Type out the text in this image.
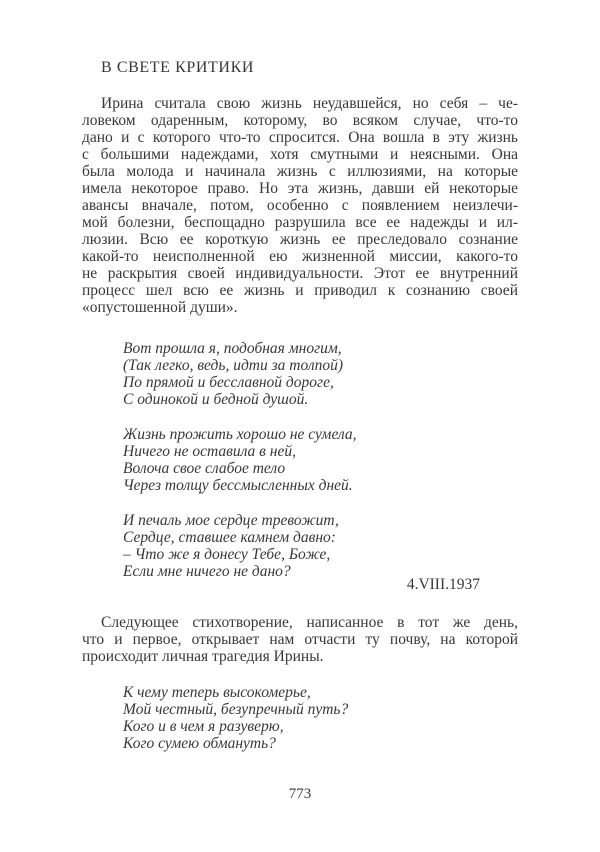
В СВЕТЕ КРИТИКИ
Ирина считала свою жизнь неудавшейся, но себя – че-
ловеком одаренным, которому, во всяком случае, что-то
дано и с которого что-то спросится. Она вошла в эту жизнь
с большими надеждами, хотя смутными и неясными. Она
была молода и начинала жизнь с иллюзиями, на которые
имела некоторое право. Но эта жизнь, давши ей некоторые
авансы вначале, потом, особенно с появлением неизлечи-
мой болезни, беспощадно разрушила все ее надежды и ил-
люзии. Всю ее короткую жизнь ее преследовало сознание
какой-то неисполненной ею жизненной миссии, какого-то
не раскрытия своей индивидуальности. Этот ее внутренний
процесс шел всю ее жизнь и приводил к сознанию своей
«опустошенной души».
Вот прошла я, подобная многим,
(Так легко, ведь, идти за толпой)
По прямой и бесславной дороге,
С одинокой и бедной душой.
Жизнь прожить хорошо не сумела,
Ничего не оставила в ней,
Волоча свое слабое тело
Через толщу бессмысленных дней.
И печаль мое сердце тревожит,
Сердце, ставшее камнем давно:
– Что же я донесу Тебе, Боже,
Если мне ничего не дано?
4.VIII.1937
Следующее стихотворение, написанное в тот же день,
что и первое, открывает нам отчасти ту почву, на которой
происходит личная трагедия Ирины.
К чему теперь высокомерье,
Мой честный, безупречный путь?
Кого и в чем я разуверю,
Кого сумею обмануть?
773
